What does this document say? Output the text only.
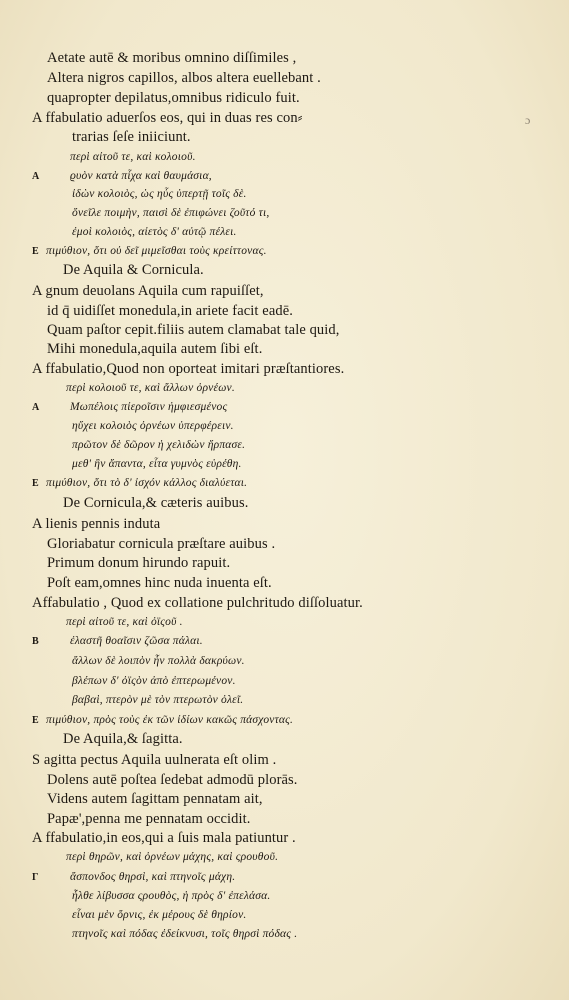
Aetate autē & moribus omnino diſſimiles ,
Altera nigros capillos, albos altera euellebant .
quapropter depilatus,omnibus ridiculo fuit.
A ffabulatio aduerſos eos, qui in duas res con⸗
trarias ſeſe iniiciunt.
περὶ αἰτοῦ τε, καὶ κολοιοῦ.
A	ϱυὸν κατὰ πἶχα καὶ θαυμάσια,
ἰδὼν κολοιὸς, ὡς ηὖς ὑπερτῇ τοῖς δὲ.
ὄνεῖλε ποιμὴν, παισὶ δὲ ἐπιφώνει ζοῦτό τι,
ἐμοὶ κολοιὸς, αἰετὸς δ' αὐτῷ πέλει.
E πιμύθιον, ὅτι οὐ δεῖ μιμεῖσθαι τοὺς κρείττονας.
De Aquila & Cornicula.
A gnum deuolans Aquila cum rapuiſſet,
id q̄ uidiſſet monedula,in ariete facit eadē.
Quam paſtor cepit.filiis autem clamabat tale quid,
Mihi monedula,aquila autem ſibi eſt.
A ffabulatio,Quod non oporteat imitari præſtantiores.
περὶ κολοιοῦ τε, καὶ ἄλλων ὀρνέων.
A	Μωπέλοις πἰεροῖσιν ἠμφιεσμένος
ηὔχει κολοιὸς ὀρνέων ὑπερφέρειν.
πρῶτον δὲ δῶρον ἡ χελιδὼν ἥρπασε.
μεθ' ἣν ἅπαντα, εἶτα γυμνὸς εὑρέθη.
E πιμύθιον, ὅτι τὸ δ' ἰσχόν κάλλος διαλύεται.
De Cornicula,& cæteris auibus.
A lienis pennis induta
Gloriabatur cornicula præſtare auibus .
Primum donum hirundo rapuit.
Poſt eam,omnes hinc nuda inuenta eſt.
Affabulatio , Quod ex collatione pulchritudo diſſoluatur.
περὶ αἰτοῦ τε, καὶ ὀϊςοῦ .
B	ἐλαστῆ θοαῖσιν ζῶσα πάλαι.
ἄλλων δὲ λοιπὸν ἦν πολλὰ δακρύων.
βλέπων δ' ὀϊςὸν ἀπὸ ἐπτερωμένον.
βαβαὶ, πτερὸν μὲ τὸν πτερωτὸν ὀλεῖ.
E πιμύθιον, πρὸς τοὺς ἐκ τῶν ἰδίων κακῶς πάσχοντας.
De Aquila,& ſagitta.
S agitta pectus Aquila uulnerata eſt olim .
Dolens autē poſtea ſedebat admodū plorās.
Videns autem ſagittam pennatam ait,
Papæ',penna me pennatam occidit.
A ffabulatio,in eos,qui a ſuis mala patiuntur .
περὶ θηρῶν, καὶ ὀρνέων μάχης, καὶ ςρουθοῦ.
Γ	ἄσπονδος θηρσὶ, καὶ πτηνοῖς μάχη.
ἦλθε λίβυσσα ςρουθὸς, ἡ πρὸς δ' ἐπελάσα.
εἶναι μὲν ὄρνις, ἐκ μέρους δὲ θηρίον.
πτηνοῖς καὶ πόδας ἐδείκνυσι, τοῖς θηρσὶ πόδας .
ɔ
